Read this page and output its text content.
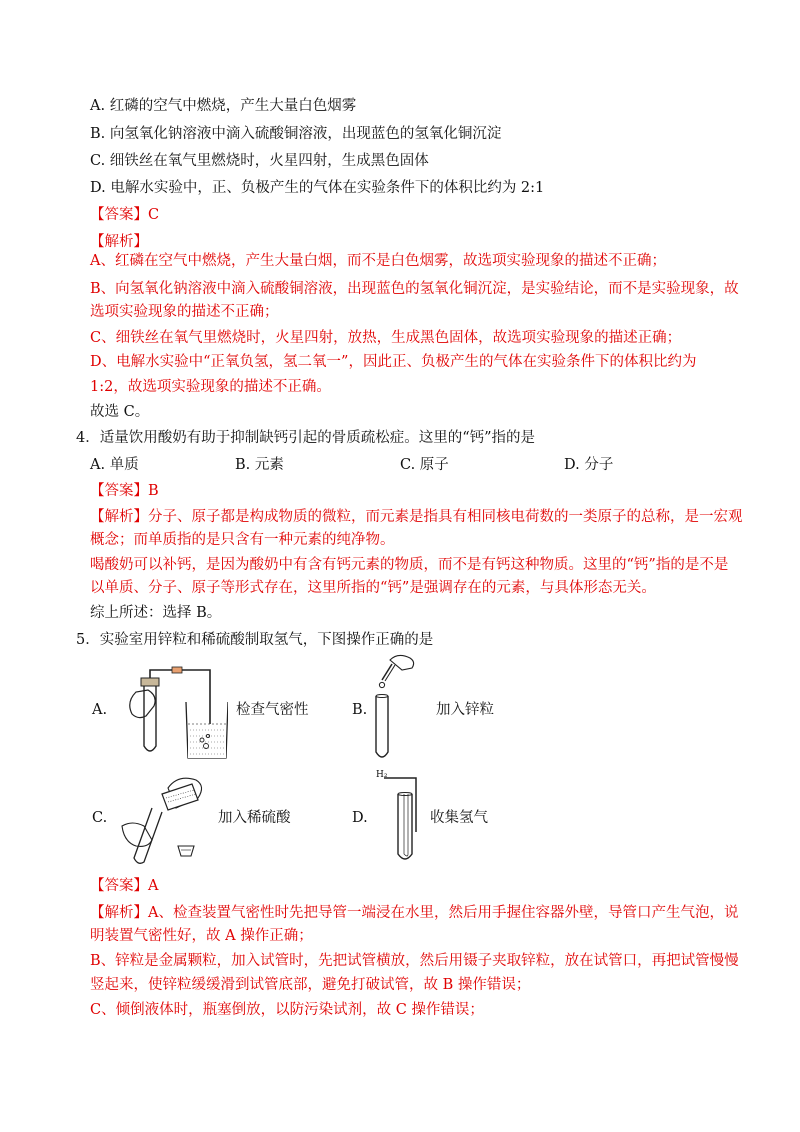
A. 红磷的空气中燃烧，产生大量白色烟雾
B. 向氢氧化钠溶液中滴入硫酸铜溶液，出现蓝色的氢氧化铜沉淀
C. 细铁丝在氧气里燃烧时，火星四射，生成黑色固体
D. 电解水实验中，正、负极产生的气体在实验条件下的体积比约为 2:1
【答案】C
【解析】
A、红磷在空气中燃烧，产生大量白烟，而不是白色烟雾，故选项实验现象的描述不正确；
B、向氢氧化钠溶液中滴入硫酸铜溶液，出现蓝色的氢氧化铜沉淀，是实验结论，而不是实验现象，故
选项实验现象的描述不正确；
C、细铁丝在氧气里燃烧时，火星四射，放热，生成黑色固体，故选项实验现象的描述正确；
D、电解水实验中“正氧负氢，氢二氧一”，因此正、负极产生的气体在实验条件下的体积比约为
1:2，故选项实验现象的描述不正确。
故选 C。
4．适量饮用酸奶有助于抑制缺钙引起的骨质疏松症。这里的“钙”指的是
A. 单质	B. 元素	C. 原子	D. 分子
【答案】B
【解析】分子、原子都是构成物质的微粒，而元素是指具有相同核电荷数的一类原子的总称，是一宏观
概念；而单质指的是只含有一种元素的纯净物。
喝酸奶可以补钙，是因为酸奶中有含有钙元素的物质，而不是有钙这种物质。这里的“钙”指的是不是
以单质、分子、原子等形式存在，这里所指的“钙”是强调存在的元素，与具体形态无关。
综上所述：选择 B。
5．实验室用锌粒和稀硫酸制取氢气，下图操作正确的是
A.	检查气密性	B.	加入锌粒
C.	加入稀硫酸	D.
H₂
收集氢气
【答案】A
【解析】A、检查装置气密性时先把导管一端浸在水里，然后用手握住容器外壁，导管口产生气泡，说
明装置气密性好，故 A 操作正确；
B、锌粒是金属颗粒，加入试管时，先把试管横放，然后用镊子夹取锌粒，放在试管口，再把试管慢慢
竖起来，使锌粒缓缓滑到试管底部，避免打破试管，故 B 操作错误；
C、倾倒液体时，瓶塞倒放，以防污染试剂，故 C 操作错误；
